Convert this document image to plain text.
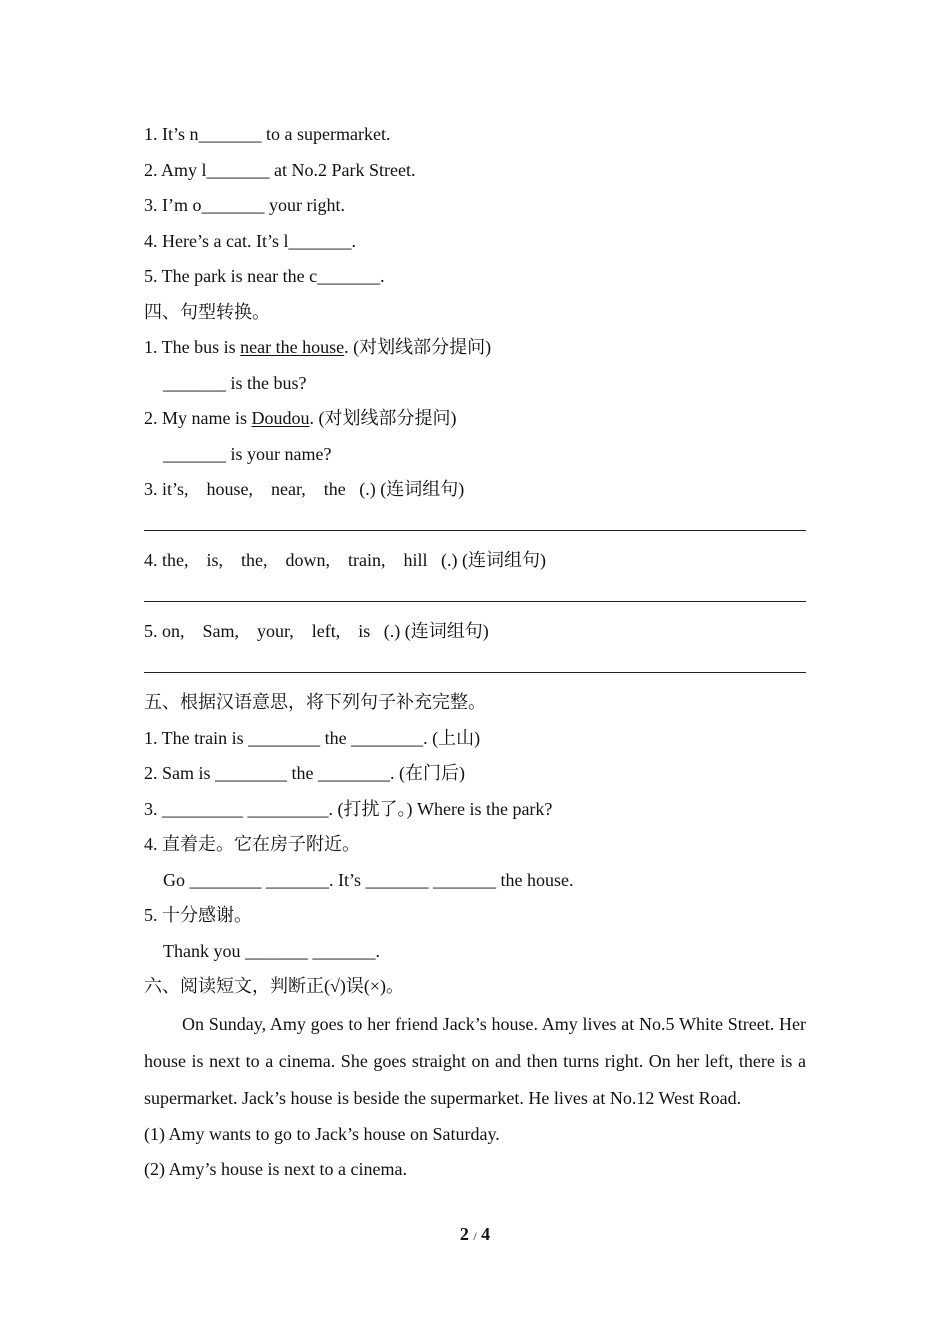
1. It’s n_______ to a supermarket.
2. Amy l_______ at No.2 Park Street.
3. I’m o_______ your right.
4. Here’s a cat. It’s l_______.
5. The park is near the c_______.
四、句型转换。
1. The bus is near the house. (对划线部分提问)
_______ is the bus?
2. My name is Doudou. (对划线部分提问)
_______ is your name?
3. it’s,    house,    near,    the   (.) (连词组句)
4. the,    is,    the,    down,    train,    hill   (.) (连词组句)
5. on,    Sam,    your,    left,    is   (.) (连词组句)
五、根据汉语意思，将下列句子补充完整。
1. The train is ________ the ________. (上山)
2. Sam is ________ the ________. (在门后)
3. _________ _________. (打扰了。) Where is the park?
4. 直着走。它在房子附近。
Go ________ _______. It’s _______ _______ the house.
5. 十分感谢。
Thank you _______ _______.
六、阅读短文，判断正(√)误(×)。
On Sunday, Amy goes to her friend Jack’s house. Amy lives at No.5 White Street. Her house is next to a cinema. She goes straight on and then turns right. On her left, there is a supermarket. Jack’s house is beside the supermarket. He lives at No.12 West Road.
(1) Amy wants to go to Jack’s house on Saturday.
(2) Amy’s house is next to a cinema.
2 / 4
